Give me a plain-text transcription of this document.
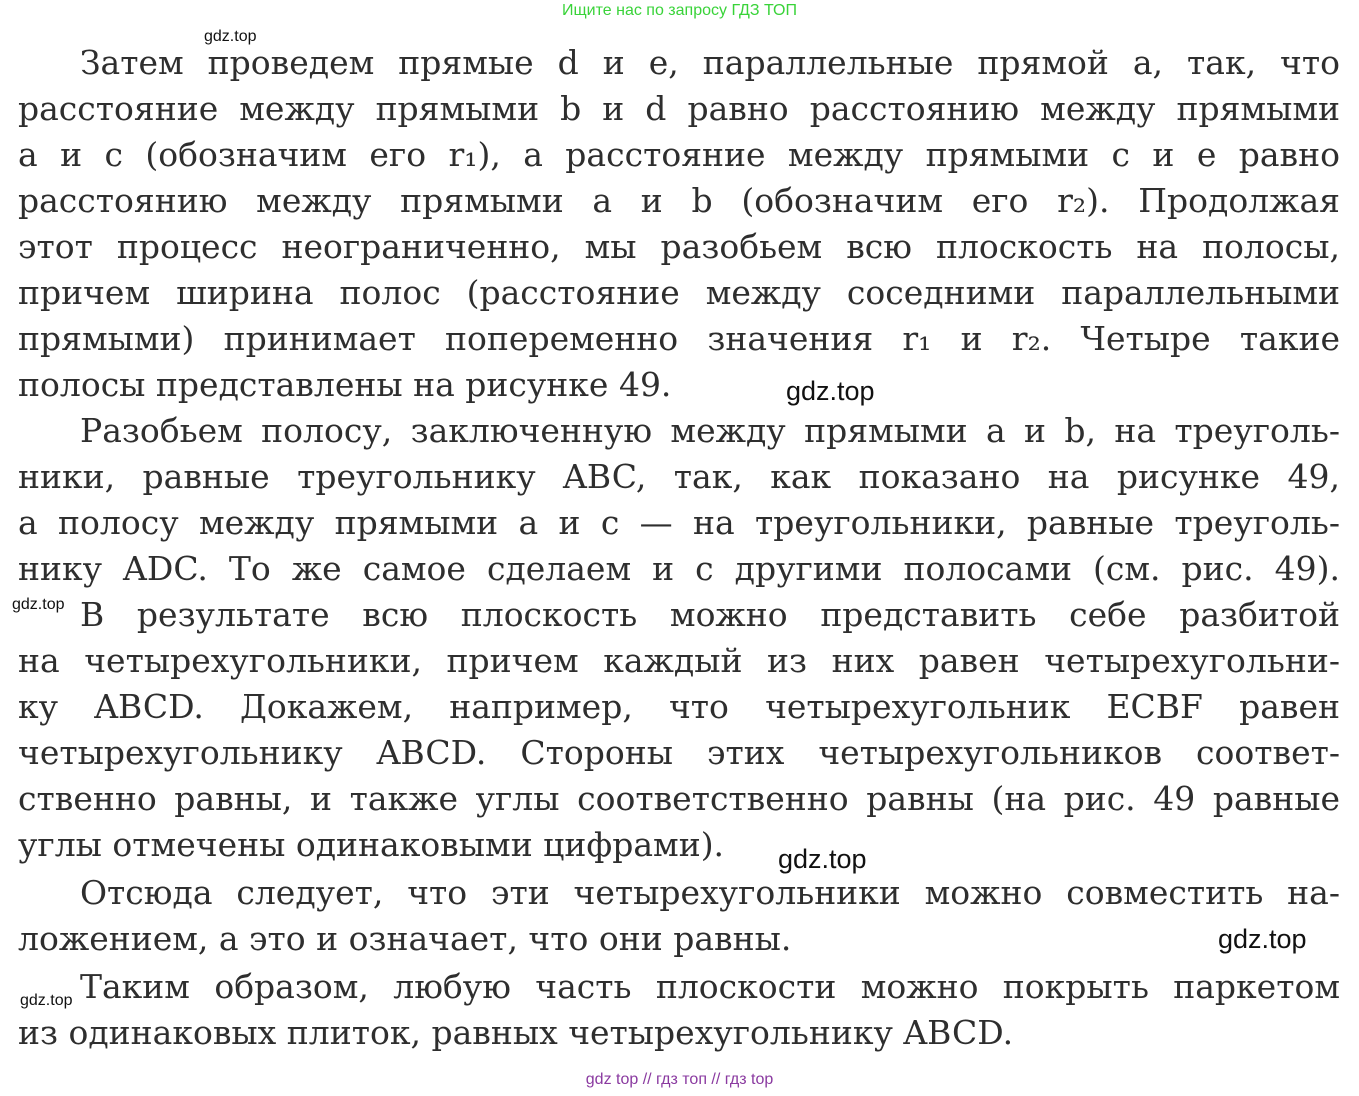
Ищите нас по запросу ГДЗ ТОП
gdz.top
Затем проведем прямые d и e, параллельные прямой a, так, что
расстояние между прямыми b и d равно расстоянию между прямыми
a и c (обозначим его r₁), а расстояние между прямыми c и e равно
расстоянию между прямыми a и b (обозначим его r₂). Продолжая
этот процесс неограниченно, мы разобьем всю плоскость на полосы,
причем ширина полос (расстояние между соседними параллельными
прямыми) принимает попеременно значения r₁ и r₂. Четыре такие
полосы представлены на рисунке 49.	gdz.top
Разобьем полосу, заключенную между прямыми a и b, на треуголь-
ники, равные треугольнику ABC, так, как показано на рисунке 49,
а полосу между прямыми a и c — на треугольники, равные треуголь-
нику ADC. То же самое сделаем и с другими полосами (см. рис. 49).
В результате всю плоскость можно представить себе разбитой
на четырехугольники, причем каждый из них равен четырехугольни-
ку ABCD. Докажем, например, что четырехугольник ECBF равен
четырехугольнику ABCD. Стороны этих четырехугольников соответ-
ственно равны, и также углы соответственно равны (на рис. 49 равные
углы отмечены одинаковыми цифрами).
gdz.top
gdz.top
Отсюда следует, что эти четырехугольники можно совместить на-
ложением, а это и означает, что они равны.	gdz.top
gdz.top Таким образом, любую часть плоскости можно покрыть паркетом
из одинаковых плиток, равных четырехугольнику ABCD.
gdz top // гдз топ // гдз top
